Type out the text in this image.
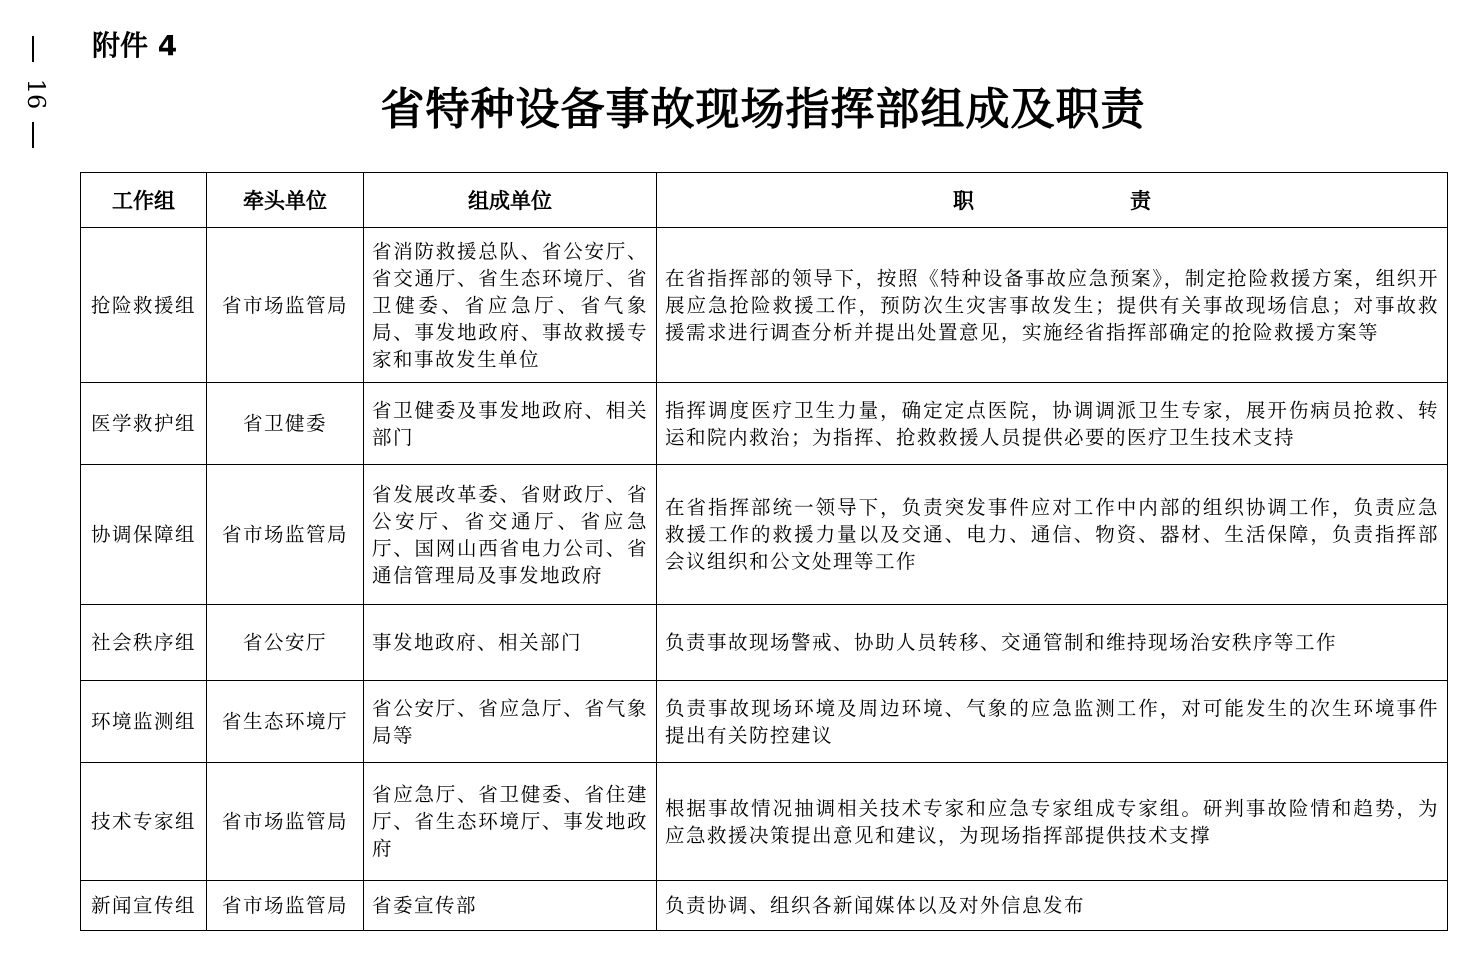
16
附件 4
省特种设备事故现场指挥部组成及职责
工作组	牵头单位	组成单位	职　　责
抢险救援组	省市场监管局	省消防救援总队、省公安厅、省交通厅、省生态环境厅、省卫健委、省应急厅、省气象局、事发地政府、事故救援专家和事故发生单位	在省指挥部的领导下，按照《特种设备事故应急预案》，制定抢险救援方案，组织开展应急抢险救援工作，预防次生灾害事故发生；提供有关事故现场信息；对事故救援需求进行调查分析并提出处置意见，实施经省指挥部确定的抢险救援方案等
医学救护组	省卫健委	省卫健委及事发地政府、相关部门	指挥调度医疗卫生力量，确定定点医院，协调调派卫生专家，展开伤病员抢救、转运和院内救治；为指挥、抢救救援人员提供必要的医疗卫生技术支持
协调保障组	省市场监管局	省发展改革委、省财政厅、省公安厅、省交通厅、省应急厅、国网山西省电力公司、省通信管理局及事发地政府	在省指挥部统一领导下，负责突发事件应对工作中内部的组织协调工作，负责应急救援工作的救援力量以及交通、电力、通信、物资、器材、生活保障，负责指挥部会议组织和公文处理等工作
社会秩序组	省公安厅	事发地政府、相关部门	负责事故现场警戒、协助人员转移、交通管制和维持现场治安秩序等工作
环境监测组	省生态环境厅	省公安厅、省应急厅、省气象局等	负责事故现场环境及周边环境、气象的应急监测工作，对可能发生的次生环境事件提出有关防控建议
技术专家组	省市场监管局	省应急厅、省卫健委、省住建厅、省生态环境厅、事发地政府	根据事故情况抽调相关技术专家和应急专家组成专家组。研判事故险情和趋势，为应急救援决策提出意见和建议，为现场指挥部提供技术支撑
新闻宣传组	省市场监管局	省委宣传部	负责协调、组织各新闻媒体以及对外信息发布
